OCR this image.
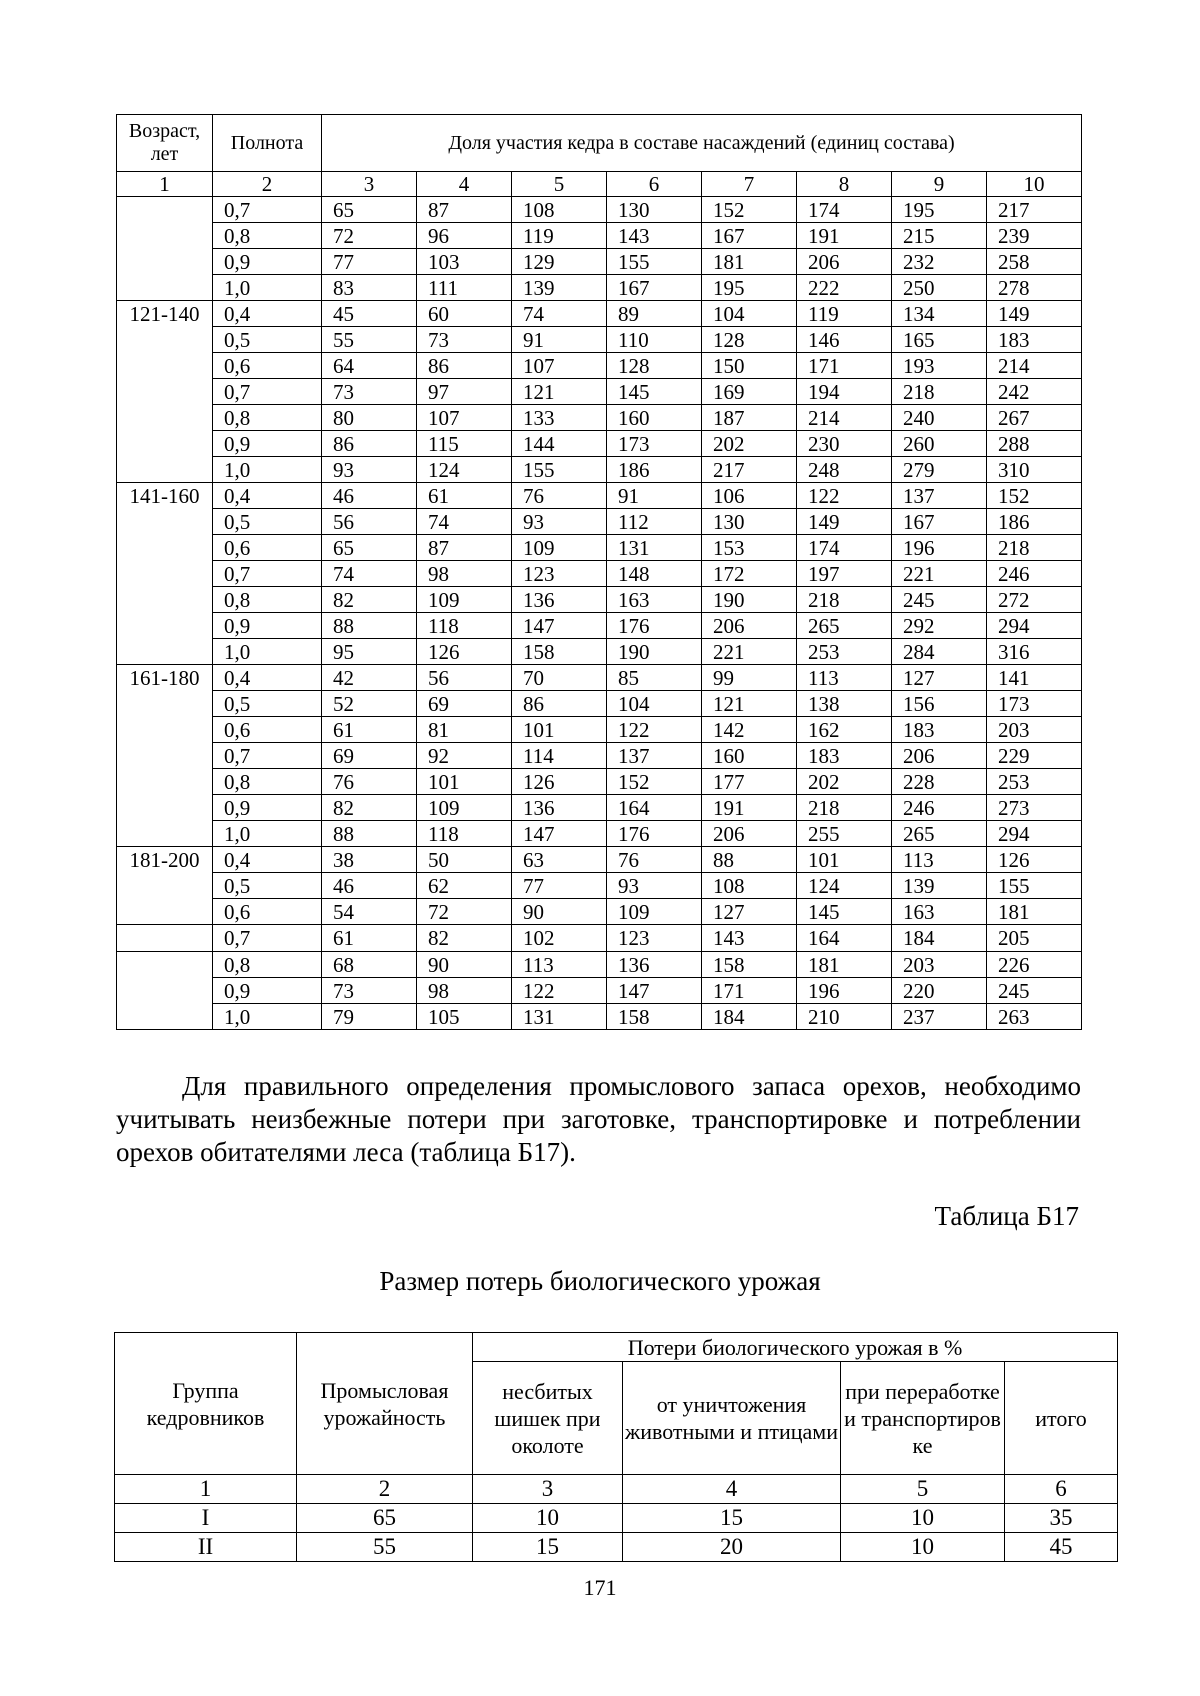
Возраст, лет	Полнота	Доля участия кедра в составе насаждений (единиц состава)							
1	2	3	4	5	6	7	8	9	10
	0,7	65	87	108	130	152	174	195	217
	0,8	72	96	119	143	167	191	215	239
	0,9	77	103	129	155	181	206	232	258
	1,0	83	111	139	167	195	222	250	278
121-140	0,4	45	60	74	89	104	119	134	149
	0,5	55	73	91	110	128	146	165	183
	0,6	64	86	107	128	150	171	193	214
	0,7	73	97	121	145	169	194	218	242
	0,8	80	107	133	160	187	214	240	267
	0,9	86	115	144	173	202	230	260	288
	1,0	93	124	155	186	217	248	279	310
141-160	0,4	46	61	76	91	106	122	137	152
	0,5	56	74	93	112	130	149	167	186
	0,6	65	87	109	131	153	174	196	218
	0,7	74	98	123	148	172	197	221	246
	0,8	82	109	136	163	190	218	245	272
	0,9	88	118	147	176	206	265	292	294
	1,0	95	126	158	190	221	253	284	316
161-180	0,4	42	56	70	85	99	113	127	141
	0,5	52	69	86	104	121	138	156	173
	0,6	61	81	101	122	142	162	183	203
	0,7	69	92	114	137	160	183	206	229
	0,8	76	101	126	152	177	202	228	253
	0,9	82	109	136	164	191	218	246	273
	1,0	88	118	147	176	206	255	265	294
181-200	0,4	38	50	63	76	88	101	113	126
	0,5	46	62	77	93	108	124	139	155
	0,6	54	72	90	109	127	145	163	181
	0,7	61	82	102	123	143	164	184	205
	0,8	68	90	113	136	158	181	203	226
	0,9	73	98	122	147	171	196	220	245
	1,0	79	105	131	158	184	210	237	263

Для правильного определения промыслового запаса орехов, необходимо учитывать неизбежные потери при заготовке, транспортировке и потреблении орехов обитателями леса (таблица Б17).

Таблица Б17
Размер потерь биологического урожая
Группа кедровников	Промысловая урожайность	Потери биологического урожая в %			
		несбитых шишек при околоте	от уничтожения животными и птицами	при переработке и транспортировке	итого
1	2	3	4	5	6
I	65	10	15	10	35
II	55	15	20	10	45
171
